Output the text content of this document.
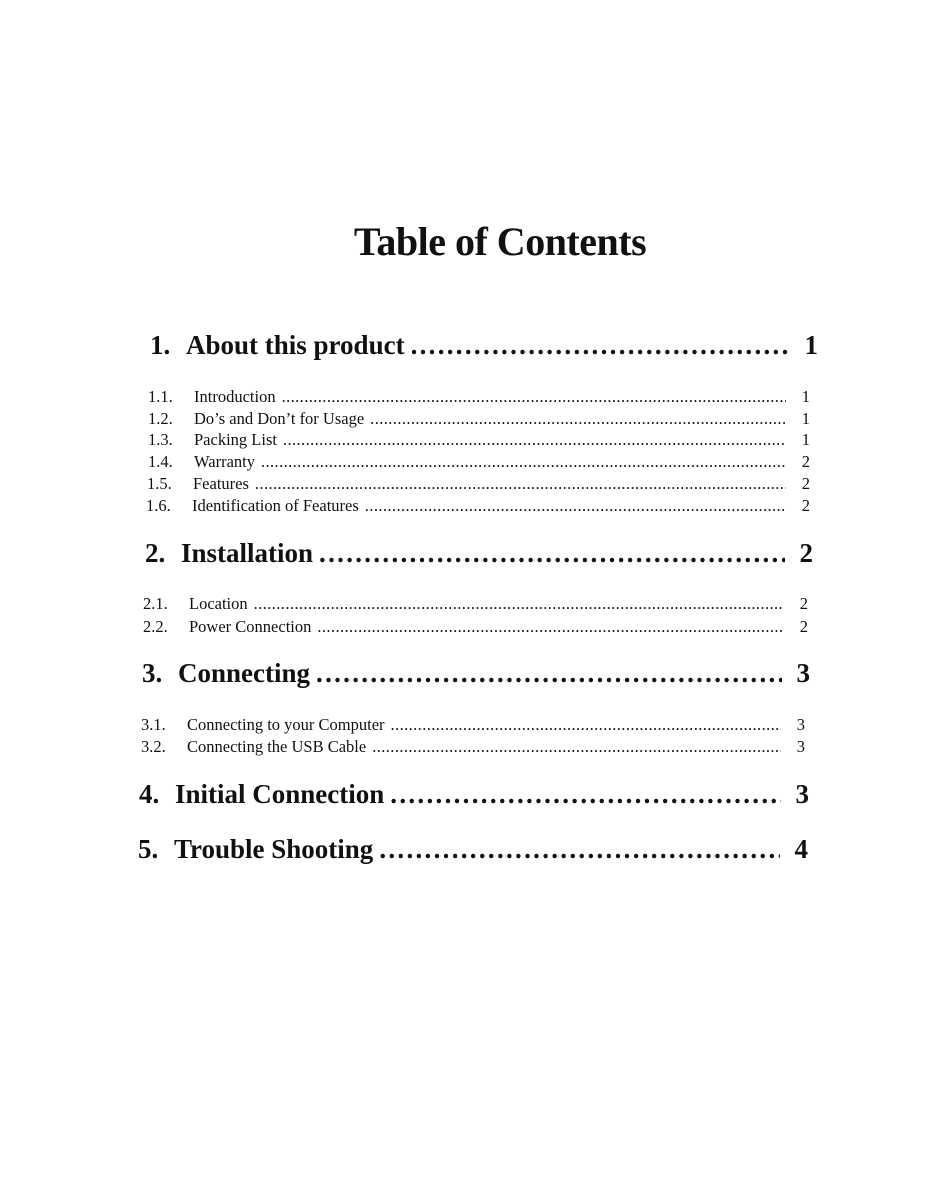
Table of Contents
1. About this product .....	1
1.1.	Introduction .....	1
1.2.	Do’s and Don’t for Usage .....	1
1.3.	Packing List .....	1
1.4.	Warranty .....	2
1.5.	Features .....	2
1.6.	Identification of Features .....	2
2. Installation .....	2
2.1.	Location .....	2
2.2.	Power Connection .....	2
3. Connecting .....	3
3.1.	Connecting to your Computer .....	3
3.2.	Connecting the USB Cable .....	3
4. Initial Connection .....	3
5. Trouble Shooting .....	4
